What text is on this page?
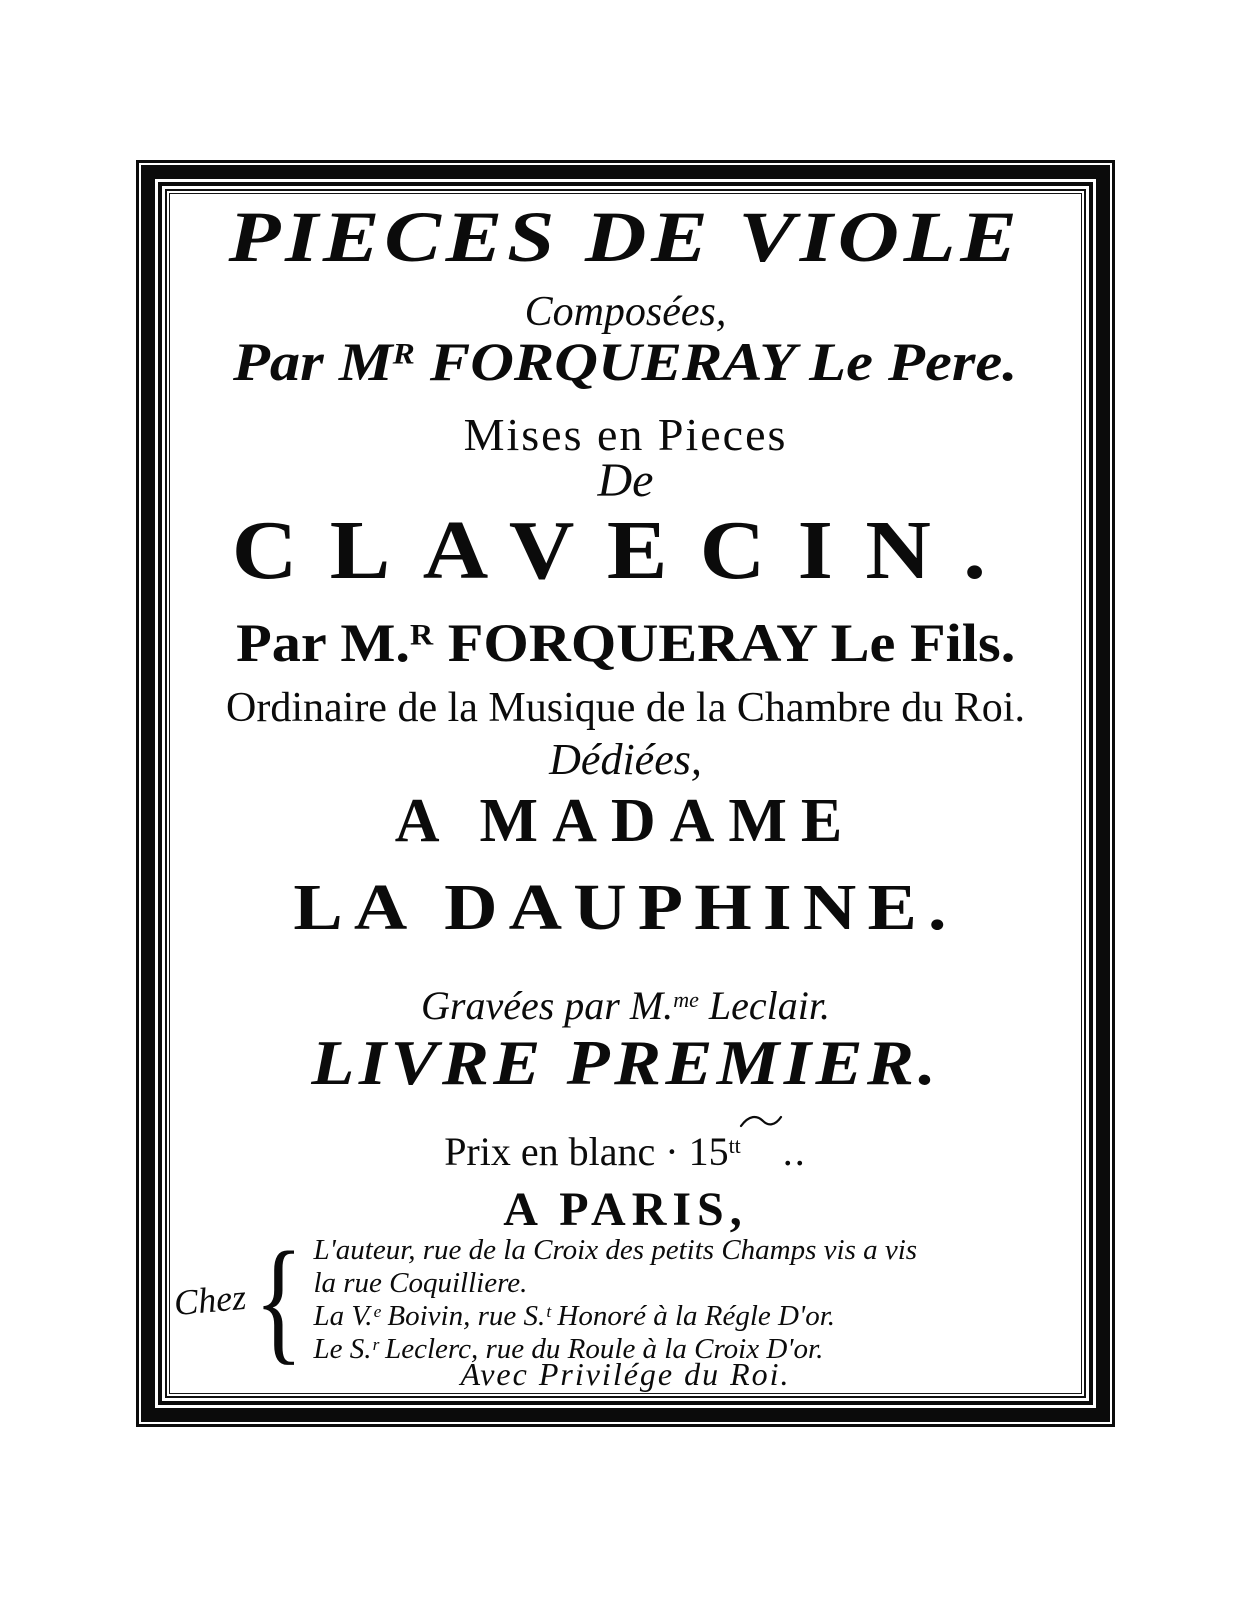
PIECES DE VIOLE
Composées,
Par $M^R$ FORQUERAY Le Pere.
Mises en Pieces
De
CLAVECIN.
Par M.$^R$ FORQUERAY Le Fils.
Ordinaire de la Musique de la Chambre du Roi.
Dédiées,
A MADAME
LA DAUPHINE.
Gravées par M.$^{me}$ Leclair.
LIVRE PREMIER.
Prix en blanc · $15^{tt}$ ..
A PARIS,
Chez { L'auteur, rue de la Croix des petits Champs vis a vis
la rue Coquilliere.
La V.ᵉ Boivin, rue S.ᵗ Honoré à la Régle D'or.
Le S.ʳ Leclerc, rue du Roule à la Croix D'or.
Avec Privilége du Roi.
